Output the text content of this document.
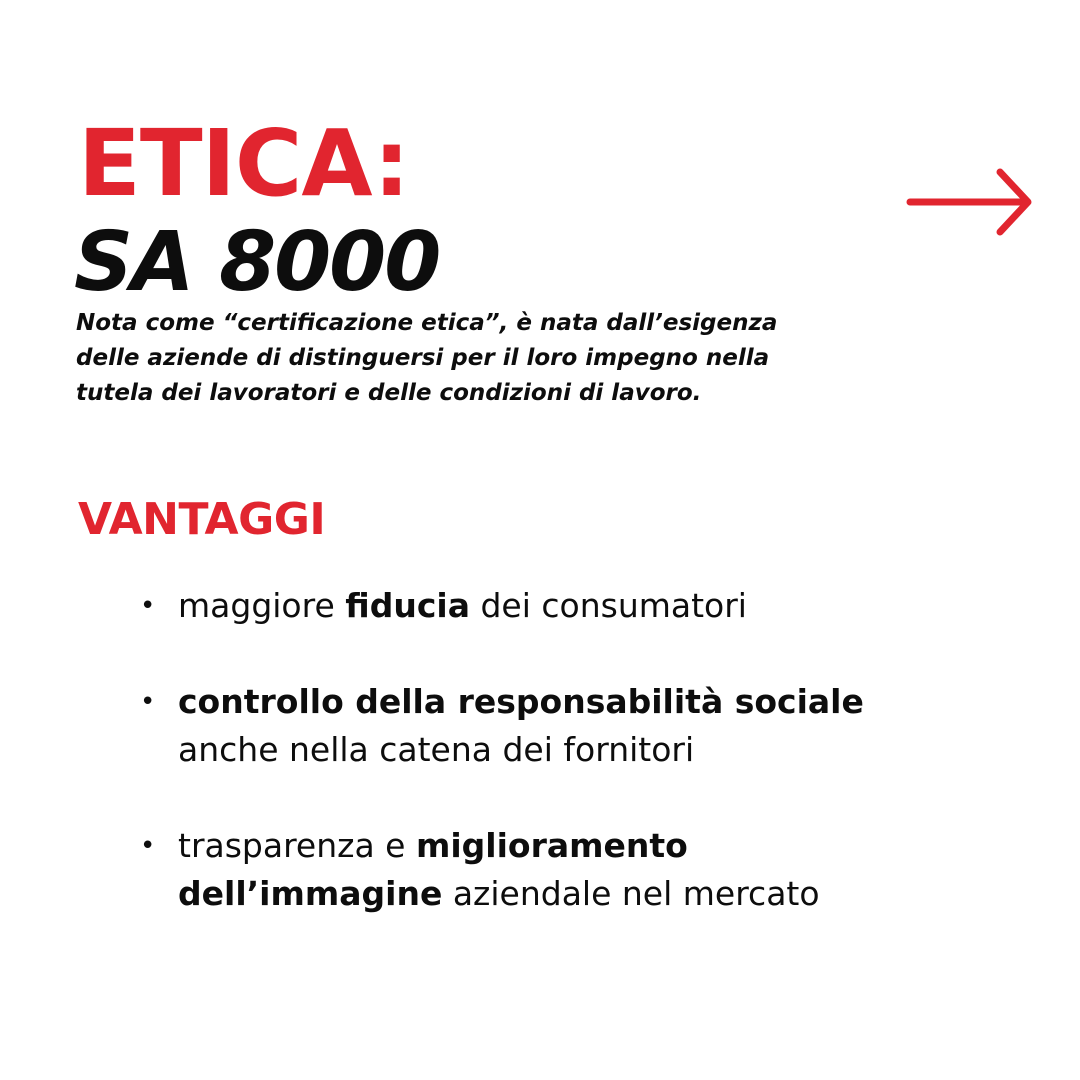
ETICA:
SA 8000

Nota come “certificazione etica”, è nata dall’esigenza
delle aziende di distinguersi per il loro impegno nella
tutela dei lavoratori e delle condizioni di lavoro.

VANTAGGI
• maggiore fiducia dei consumatori
• controllo della responsabilità sociale
anche nella catena dei fornitori
• trasparenza e miglioramento
dell’immagine aziendale nel mercato
